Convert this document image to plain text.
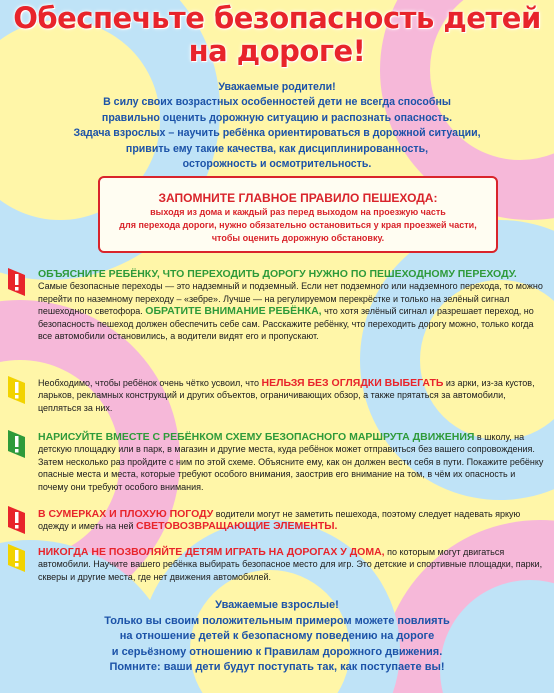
Обеспечьте безопасность детей
на дороге!
Уважаемые родители!
В силу своих возрастных особенностей дети не всегда способны
правильно оценить дорожную ситуацию и распознать опасность.
Задача взрослых – научить ребёнка ориентироваться в дорожной ситуации,
привить ему такие качества, как дисциплинированность,
осторожность и осмотрительность.
ЗАПОМНИТЕ ГЛАВНОЕ ПРАВИЛО ПЕШЕХОДА:
выходя из дома и каждый раз перед выходом на проезжую часть
для перехода дороги, нужно обязательно остановиться у края проезжей части,
чтобы оценить дорожную обстановку.
ОБЪЯСНИТЕ РЕБЁНКУ, ЧТО ПЕРЕХОДИТЬ ДОРОГУ НУЖНО ПО ПЕШЕХОДНОМУ ПЕРЕХОДУ. Самые безопасные переходы — это надземный и подземный. Если нет подземного или надземного перехода, то можно перейти по наземному переходу – «зебре». Лучше — на регулируемом перекрёстке и только на зелёный сигнал пешеходного светофора. ОБРАТИТЕ ВНИМАНИЕ РЕБЁНКА, что хотя зелёный сигнал и разрешает переход, но безопасность пешеход должен обеспечить себе сам. Расскажите ребёнку, что переходить дорогу можно, только когда все автомобили остановились, а водители видят его и пропускают.
Необходимо, чтобы ребёнок очень чётко усвоил, что НЕЛЬЗЯ БЕЗ ОГЛЯДКИ ВЫБЕГАТЬ из арки, из-за кустов, ларьков, рекламных конструкций и других объектов, ограничивающих обзор, а также прятаться за автомобили, цепляться за них.
НАРИСУЙТЕ ВМЕСТЕ С РЕБЁНКОМ СХЕМУ БЕЗОПАСНОГО МАРШРУТА ДВИЖЕНИЯ в школу, на детскую площадку или в парк, в магазин и другие места, куда ребёнок может отправиться без вашего сопровождения. Затем несколько раз пройдите с ним по этой схеме. Объясните ему, как он должен вести себя в пути. Покажите ребёнку опасные места и места, которые требуют особого внимания, заострив его внимание на том, в чём их опасность и почему они требуют особого внимания.
В СУМЕРКАХ И ПЛОХУЮ ПОГОДУ водители могут не заметить пешехода, поэтому следует надевать яркую одежду и иметь на ней СВЕТОВОЗВРАЩАЮЩИЕ ЭЛЕМЕНТЫ.
НИКОГДА НЕ ПОЗВОЛЯЙТЕ ДЕТЯМ ИГРАТЬ НА ДОРОГАХ У ДОМА, по которым могут двигаться автомобили. Научите вашего ребёнка выбирать безопасное место для игр. Это детские и спортивные площадки, парки, скверы и другие места, где нет движения автомобилей.
Уважаемые взрослые!
Только вы своим положительным примером можете повлиять
на отношение детей к безопасному поведению на дороге
и серьёзному отношению к Правилам дорожного движения.
Помните: ваши дети будут поступать так, как поступаете вы!
